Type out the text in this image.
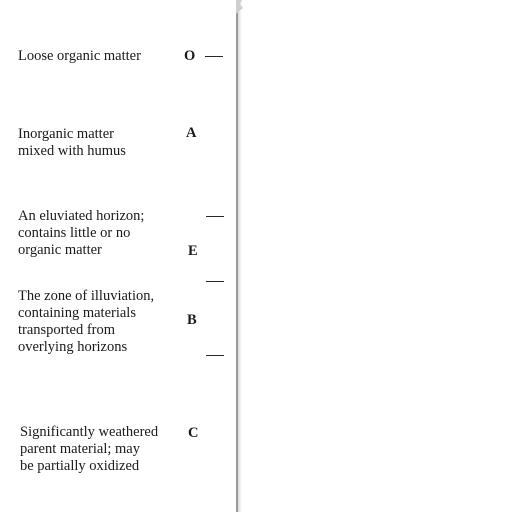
Loose organic matter	O
Inorganic matter
mixed with humus
A
An eluviated horizon;
contains little or no
organic matter	E
The zone of illuviation,
containing materials
transported from
overlying horizons
B
Significantly weathered
parent material; may
be partially oxidized
C
